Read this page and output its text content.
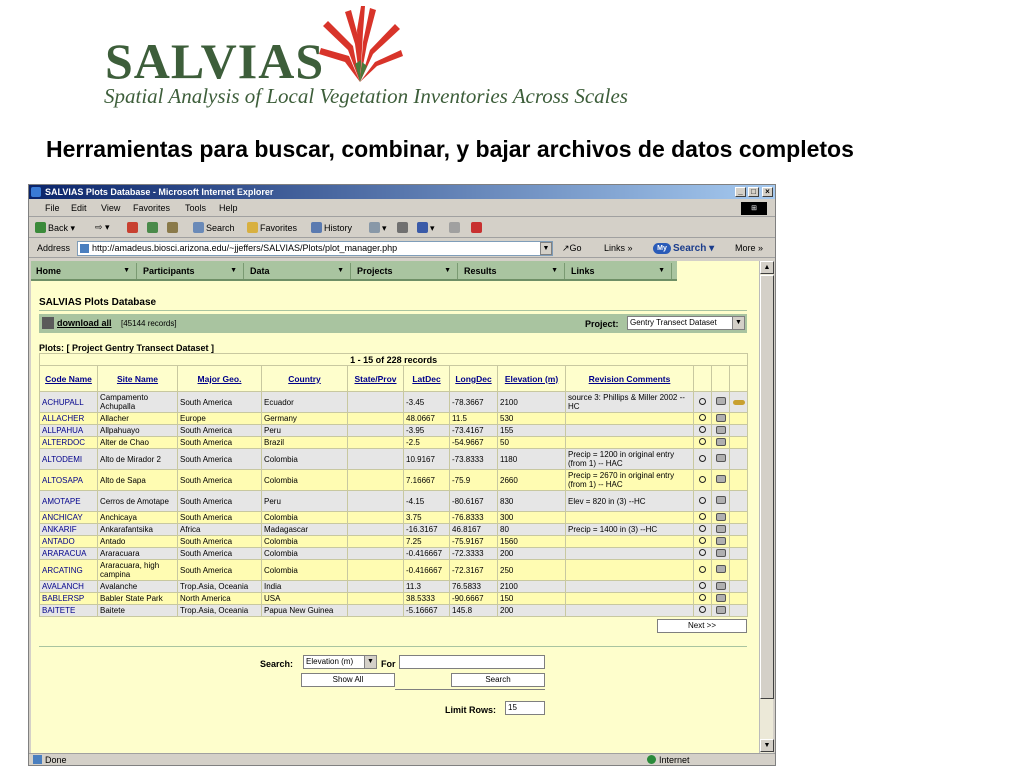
SALVIAS
Spatial Analysis of Local Vegetation Inventories Across Scales
Herramientas para buscar, combinar, y bajar archivos de datos completos
SALVIAS Plots Database - Microsoft Internet Explorer	_	□	×
File Edit View Favorites Tools Help	⊞
Back ▾ ⇨ ▾	Search	Favorites	History	▾	▾
Address	http://amadeus.biosci.arizona.edu/~jjeffers/SALVIAS/Plots/plot_manager.php	▼ ↗Go Links »	My Search ▾	More »
Home	▼	Participants	▼	Data	▼	Projects	▼	Results	▼	Links	▼
SALVIAS Plots Database
download all [45144 records]	Project:	Gentry Transect Dataset	▼
Plots: [ Project Gentry Transect Dataset ]
1 - 15 of 228 records											
Code Name	Site Name	Major Geo.	Country	State/Prov	LatDec	LongDec	Elevation (m)	Revision Comments			
ACHUPALL	Campamento Achupalla	South America	Ecuador		-3.45	-78.3667	2100	source 3: Phillips & Miller 2002 --HC			
ALLACHER	Allacher	Europe	Germany		48.0667	11.5	530				
ALLPAHUA	Allpahuayo	South America	Peru		-3.95	-73.4167	155				
ALTERDOC	Alter de Chao	South America	Brazil		-2.5	-54.9667	50				
ALTODEMI	Alto de Mirador 2	South America	Colombia		10.9167	-73.8333	1180	Precip = 1200 in original entry (from 1) -- HAC			
ALTOSAPA	Alto de Sapa	South America	Colombia		7.16667	-75.9	2660	Precip = 2670 in original entry (from 1) -- HAC			
AMOTAPE	Cerros de Amotape	South America	Peru		-4.15	-80.6167	830	Elev = 820 in (3) --HC			
ANCHICAY	Anchicaya	South America	Colombia		3.75	-76.8333	300				
ANKARIF	Ankarafantsika	Africa	Madagascar		-16.3167	46.8167	80	Precip = 1400 in (3) --HC			
ANTADO	Antado	South America	Colombia		7.25	-75.9167	1560				
ARARACUA	Araracuara	South America	Colombia		-0.416667	-72.3333	200				
ARCATING	Araracuara, high campina	South America	Colombia		-0.416667	-72.3167	250				
AVALANCH	Avalanche	Trop.Asia, Oceania	India		11.3	76.5833	2100				
BABLERSP	Babler State Park	North America	USA		38.5333	-90.6667	150				
BAITETE	Baitete	Trop.Asia, Oceania	Papua New Guinea		-5.16667	145.8	200				
Next >>
Search:	Elevation (m)	▼ For
Show All	Search
Limit Rows:	15
▲
▼
Done	Internet
